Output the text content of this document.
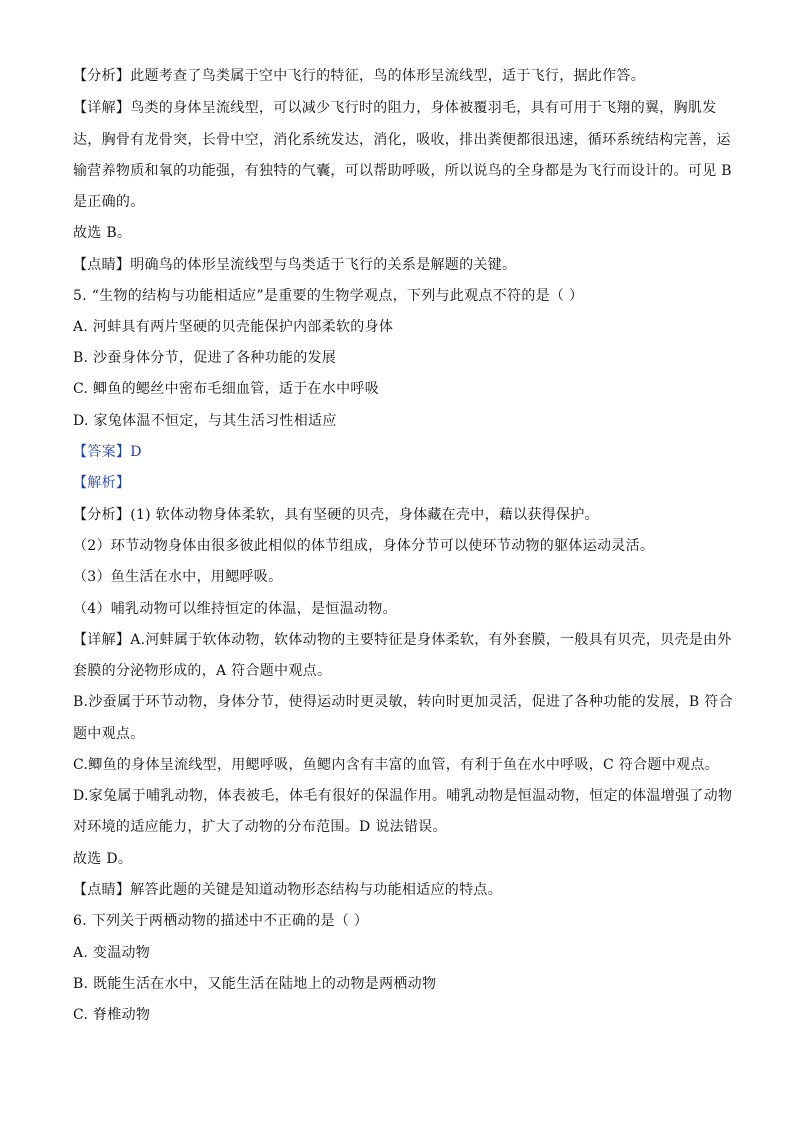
【分析】此题考查了鸟类属于空中飞行的特征，鸟的体形呈流线型，适于飞行，据此作答。
【详解】鸟类的身体呈流线型，可以减少飞行时的阻力，身体被覆羽毛，具有可用于飞翔的翼，胸肌发
达，胸骨有龙骨突，长骨中空，消化系统发达，消化，吸收，排出粪便都很迅速，循环系统结构完善，运
输营养物质和氧的功能强，有独特的气囊，可以帮助呼吸，所以说鸟的全身都是为飞行而设计的。可见 B
是正确的。
故选 B。
【点睛】明确鸟的体形呈流线型与鸟类适于飞行的关系是解题的关键。
5. “生物的结构与功能相适应”是重要的生物学观点，下列与此观点不符的是（ ）
A. 河蚌具有两片坚硬的贝壳能保护内部柔软的身体
B. 沙蚕身体分节，促进了各种功能的发展
C. 鲫鱼的鳃丝中密布毛细血管，适于在水中呼吸
D. 家兔体温不恒定，与其生活习性相适应
【答案】D
【解析】
【分析】(1) 软体动物身体柔软，具有坚硬的贝壳，身体藏在壳中，藉以获得保护。
（2）环节动物身体由很多彼此相似的体节组成，身体分节可以使环节动物的躯体运动灵活。
（3）鱼生活在水中，用鳃呼吸。
（4）哺乳动物可以维持恒定的体温，是恒温动物。
【详解】A.河蚌属于软体动物，软体动物的主要特征是身体柔软，有外套膜，一般具有贝壳，贝壳是由外
套膜的分泌物形成的，A 符合题中观点。
B.沙蚕属于环节动物，身体分节，使得运动时更灵敏，转向时更加灵活，促进了各种功能的发展，B 符合
题中观点。
C.鲫鱼的身体呈流线型，用鳃呼吸，鱼鳃内含有丰富的血管，有利于鱼在水中呼吸，C 符合题中观点。
D.家兔属于哺乳动物，体表被毛，体毛有很好的保温作用。哺乳动物是恒温动物，恒定的体温增强了动物
对环境的适应能力，扩大了动物的分布范围。D 说法错误。
故选 D。
【点睛】解答此题的关键是知道动物形态结构与功能相适应的特点。
6. 下列关于两栖动物的描述中不正确的是（ ）
A. 变温动物
B. 既能生活在水中，又能生活在陆地上的动物是两栖动物
C. 脊椎动物
